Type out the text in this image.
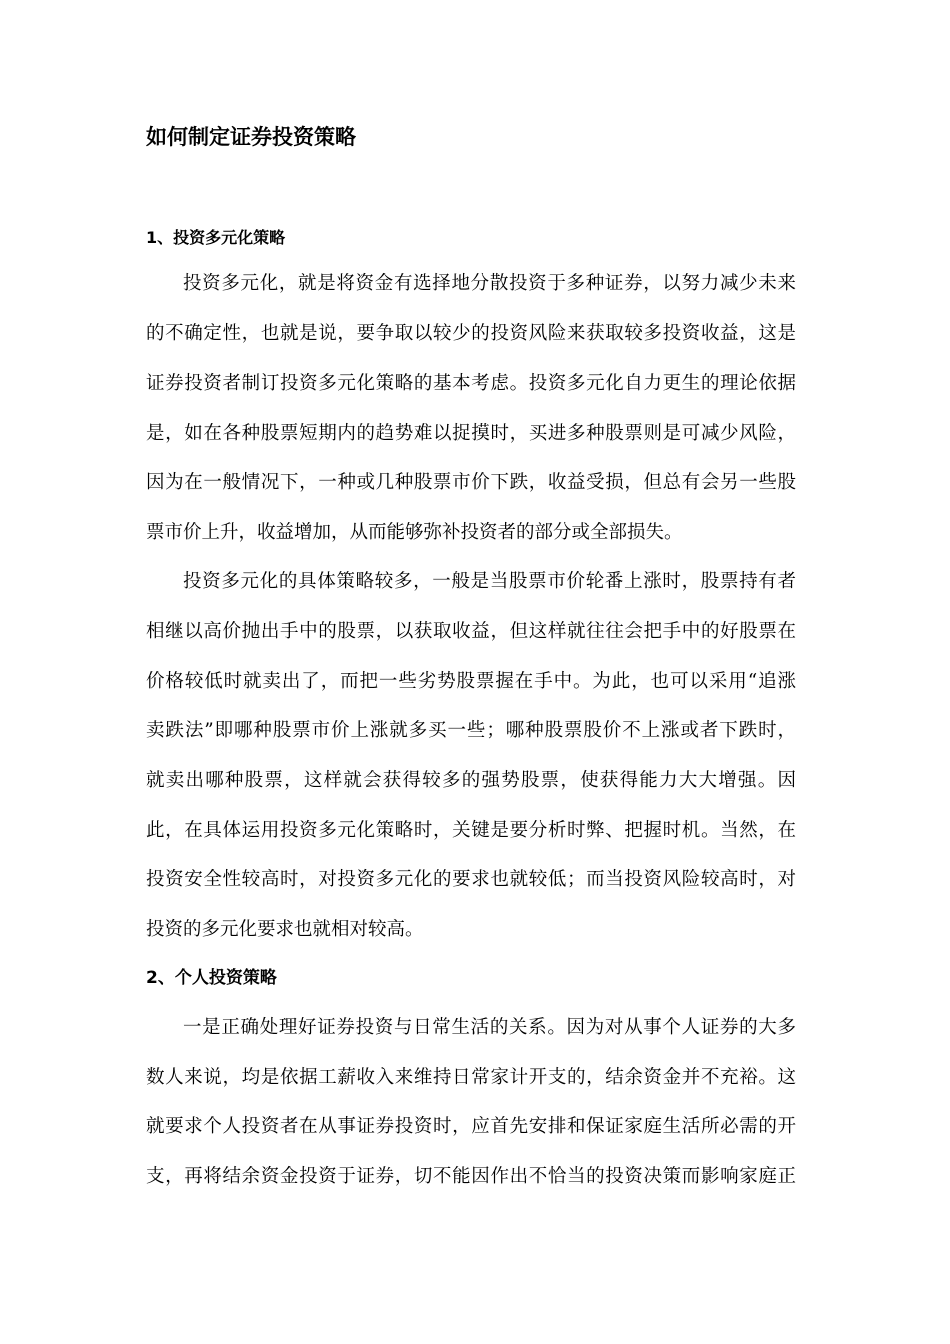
如何制定证券投资策略
1、投资多元化策略
投资多元化，就是将资金有选择地分散投资于多种证券，以努力减少未来
的不确定性，也就是说，要争取以较少的投资风险来获取较多投资收益，这是
证券投资者制订投资多元化策略的基本考虑。投资多元化自力更生的理论依据
是，如在各种股票短期内的趋势难以捉摸时，买进多种股票则是可减少风险，
因为在一般情况下，一种或几种股票市价下跌，收益受损，但总有会另一些股
票市价上升，收益增加，从而能够弥补投资者的部分或全部损失。
投资多元化的具体策略较多，一般是当股票市价轮番上涨时，股票持有者
相继以高价抛出手中的股票，以获取收益，但这样就往往会把手中的好股票在
价格较低时就卖出了，而把一些劣势股票握在手中。为此，也可以采用“追涨
卖跌法”即哪种股票市价上涨就多买一些；哪种股票股价不上涨或者下跌时，
就卖出哪种股票，这样就会获得较多的强势股票，使获得能力大大增强。因
此，在具体运用投资多元化策略时，关键是要分析时弊、把握时机。当然，在
投资安全性较高时，对投资多元化的要求也就较低；而当投资风险较高时，对
投资的多元化要求也就相对较高。
2、个人投资策略
一是正确处理好证券投资与日常生活的关系。因为对从事个人证券的大多
数人来说，均是依据工薪收入来维持日常家计开支的，结余资金并不充裕。这
就要求个人投资者在从事证券投资时，应首先安排和保证家庭生活所必需的开
支，再将结余资金投资于证券，切不能因作出不恰当的投资决策而影响家庭正
